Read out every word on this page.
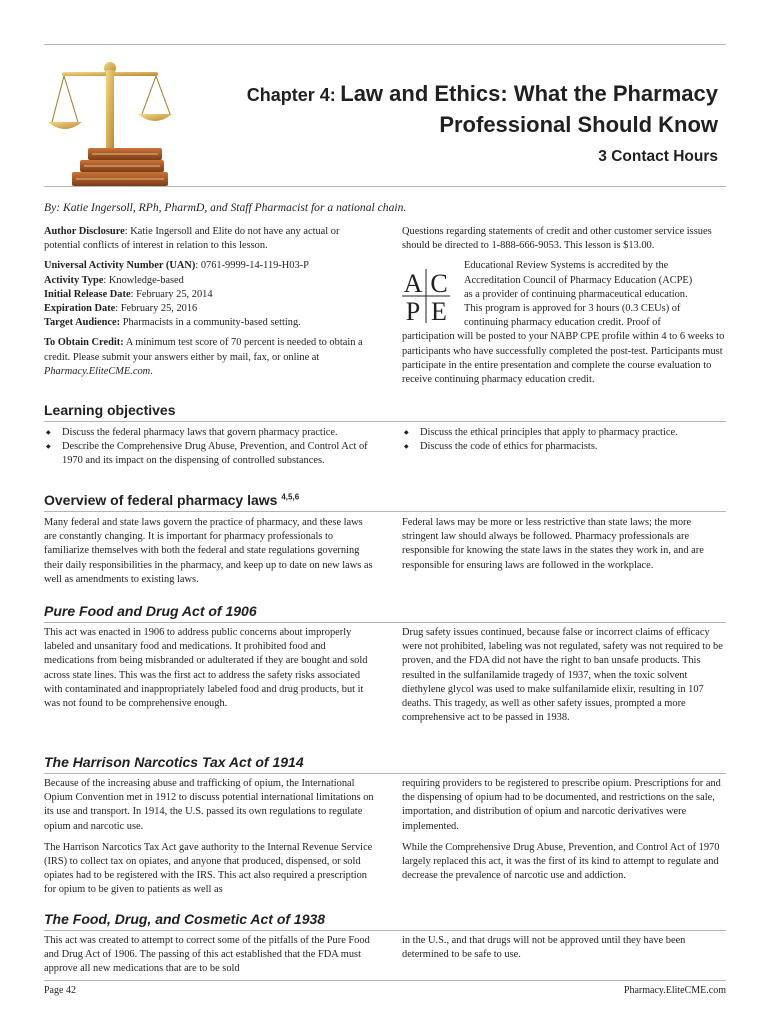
Chapter 4: Law and Ethics: What the Pharmacy
Professional Should Know
3 Contact Hours
By: Katie Ingersoll, RPh, PharmD, and Staff Pharmacist for a national chain.

Author Disclosure: Katie Ingersoll and Elite do not have any actual or potential conflicts of interest in relation to this lesson.

Universal Activity Number (UAN): 0761-9999-14-119-H03-P

Activity Type: Knowledge-based

Initial Release Date: February 25, 2014

Expiration Date: February 25, 2016

Target Audience: Pharmacists in a community-based setting.

To Obtain Credit: A minimum test score of 70 percent is needed to obtain a credit. Please submit your answers either by mail, fax, or online at Pharmacy.EliteCME.com.

Questions regarding statements of credit and other customer service issues should be directed to 1-888-666-9053. This lesson is $13.00.

A C
P E

Educational Review Systems is accredited by the

Accreditation Council of Pharmacy Education (ACPE)

as a provider of continuing pharmaceutical education.

This program is approved for 3 hours (0.3 CEUs) of

continuing pharmacy education credit. Proof of

participation will be posted to your NABP CPE profile within 4 to 6 weeks to participants who have successfully completed the post-test. Participants must participate in the entire presentation and complete the course evaluation to receive continuing pharmacy education credit.

Learning objectives
◆ Discuss the federal pharmacy laws that govern pharmacy practice.
◆ Describe the Comprehensive Drug Abuse, Prevention, and Control Act of 1970 and its impact on the dispensing of controlled substances.
◆ Discuss the ethical principles that apply to pharmacy practice.
◆ Discuss the code of ethics for pharmacists.
Overview of federal pharmacy laws $^{4,5,6}$

Many federal and state laws govern the practice of pharmacy, and these laws are constantly changing. It is important for pharmacy professionals to familiarize themselves with both the federal and state regulations governing their daily responsibilities in the pharmacy, and keep up to date on new laws as well as amendments to existing laws.

Federal laws may be more or less restrictive than state laws; the more stringent law should always be followed. Pharmacy professionals are responsible for knowing the state laws in the states they work in, and are responsible for ensuring laws are followed in the workplace.

Pure Food and Drug Act of 1906

This act was enacted in 1906 to address public concerns about improperly labeled and unsanitary food and medications. It prohibited food and medications from being misbranded or adulterated if they are bought and sold across state lines. This was the first act to address the safety risks associated with contaminated and inappropriately labeled food and drug products, but it was not found to be comprehensive enough.

Drug safety issues continued, because false or incorrect claims of efficacy were not prohibited, labeling was not regulated, safety was not required to be proven, and the FDA did not have the right to ban unsafe products. This resulted in the sulfanilamide tragedy of 1937, when the toxic solvent diethylene glycol was used to make sulfanilamide elixir, resulting in 107 deaths. This tragedy, as well as other safety issues, prompted a more comprehensive act to be passed in 1938.

The Harrison Narcotics Tax Act of 1914

Because of the increasing abuse and trafficking of opium, the International Opium Convention met in 1912 to discuss potential international limitations on its use and transport. In 1914, the U.S. passed its own regulations to regulate opium and narcotic use.

The Harrison Narcotics Tax Act gave authority to the Internal Revenue Service (IRS) to collect tax on opiates, and anyone that produced, dispensed, or sold opiates had to be registered with the IRS. This act also required a prescription for opium to be given to patients as well as

requiring providers to be registered to prescribe opium. Prescriptions for and the dispensing of opium had to be documented, and restrictions on the sale, importation, and distribution of opium and narcotic derivatives were implemented.

While the Comprehensive Drug Abuse, Prevention, and Control Act of 1970 largely replaced this act, it was the first of its kind to attempt to regulate and decrease the prevalence of narcotic use and addiction.

The Food, Drug, and Cosmetic Act of 1938

This act was created to attempt to correct some of the pitfalls of the Pure Food and Drug Act of 1906. The passing of this act established that the FDA must approve all new medications that are to be sold

in the U.S., and that drugs will not be approved until they have been determined to be safe to use.

Page 42	Pharmacy.EliteCME.com
